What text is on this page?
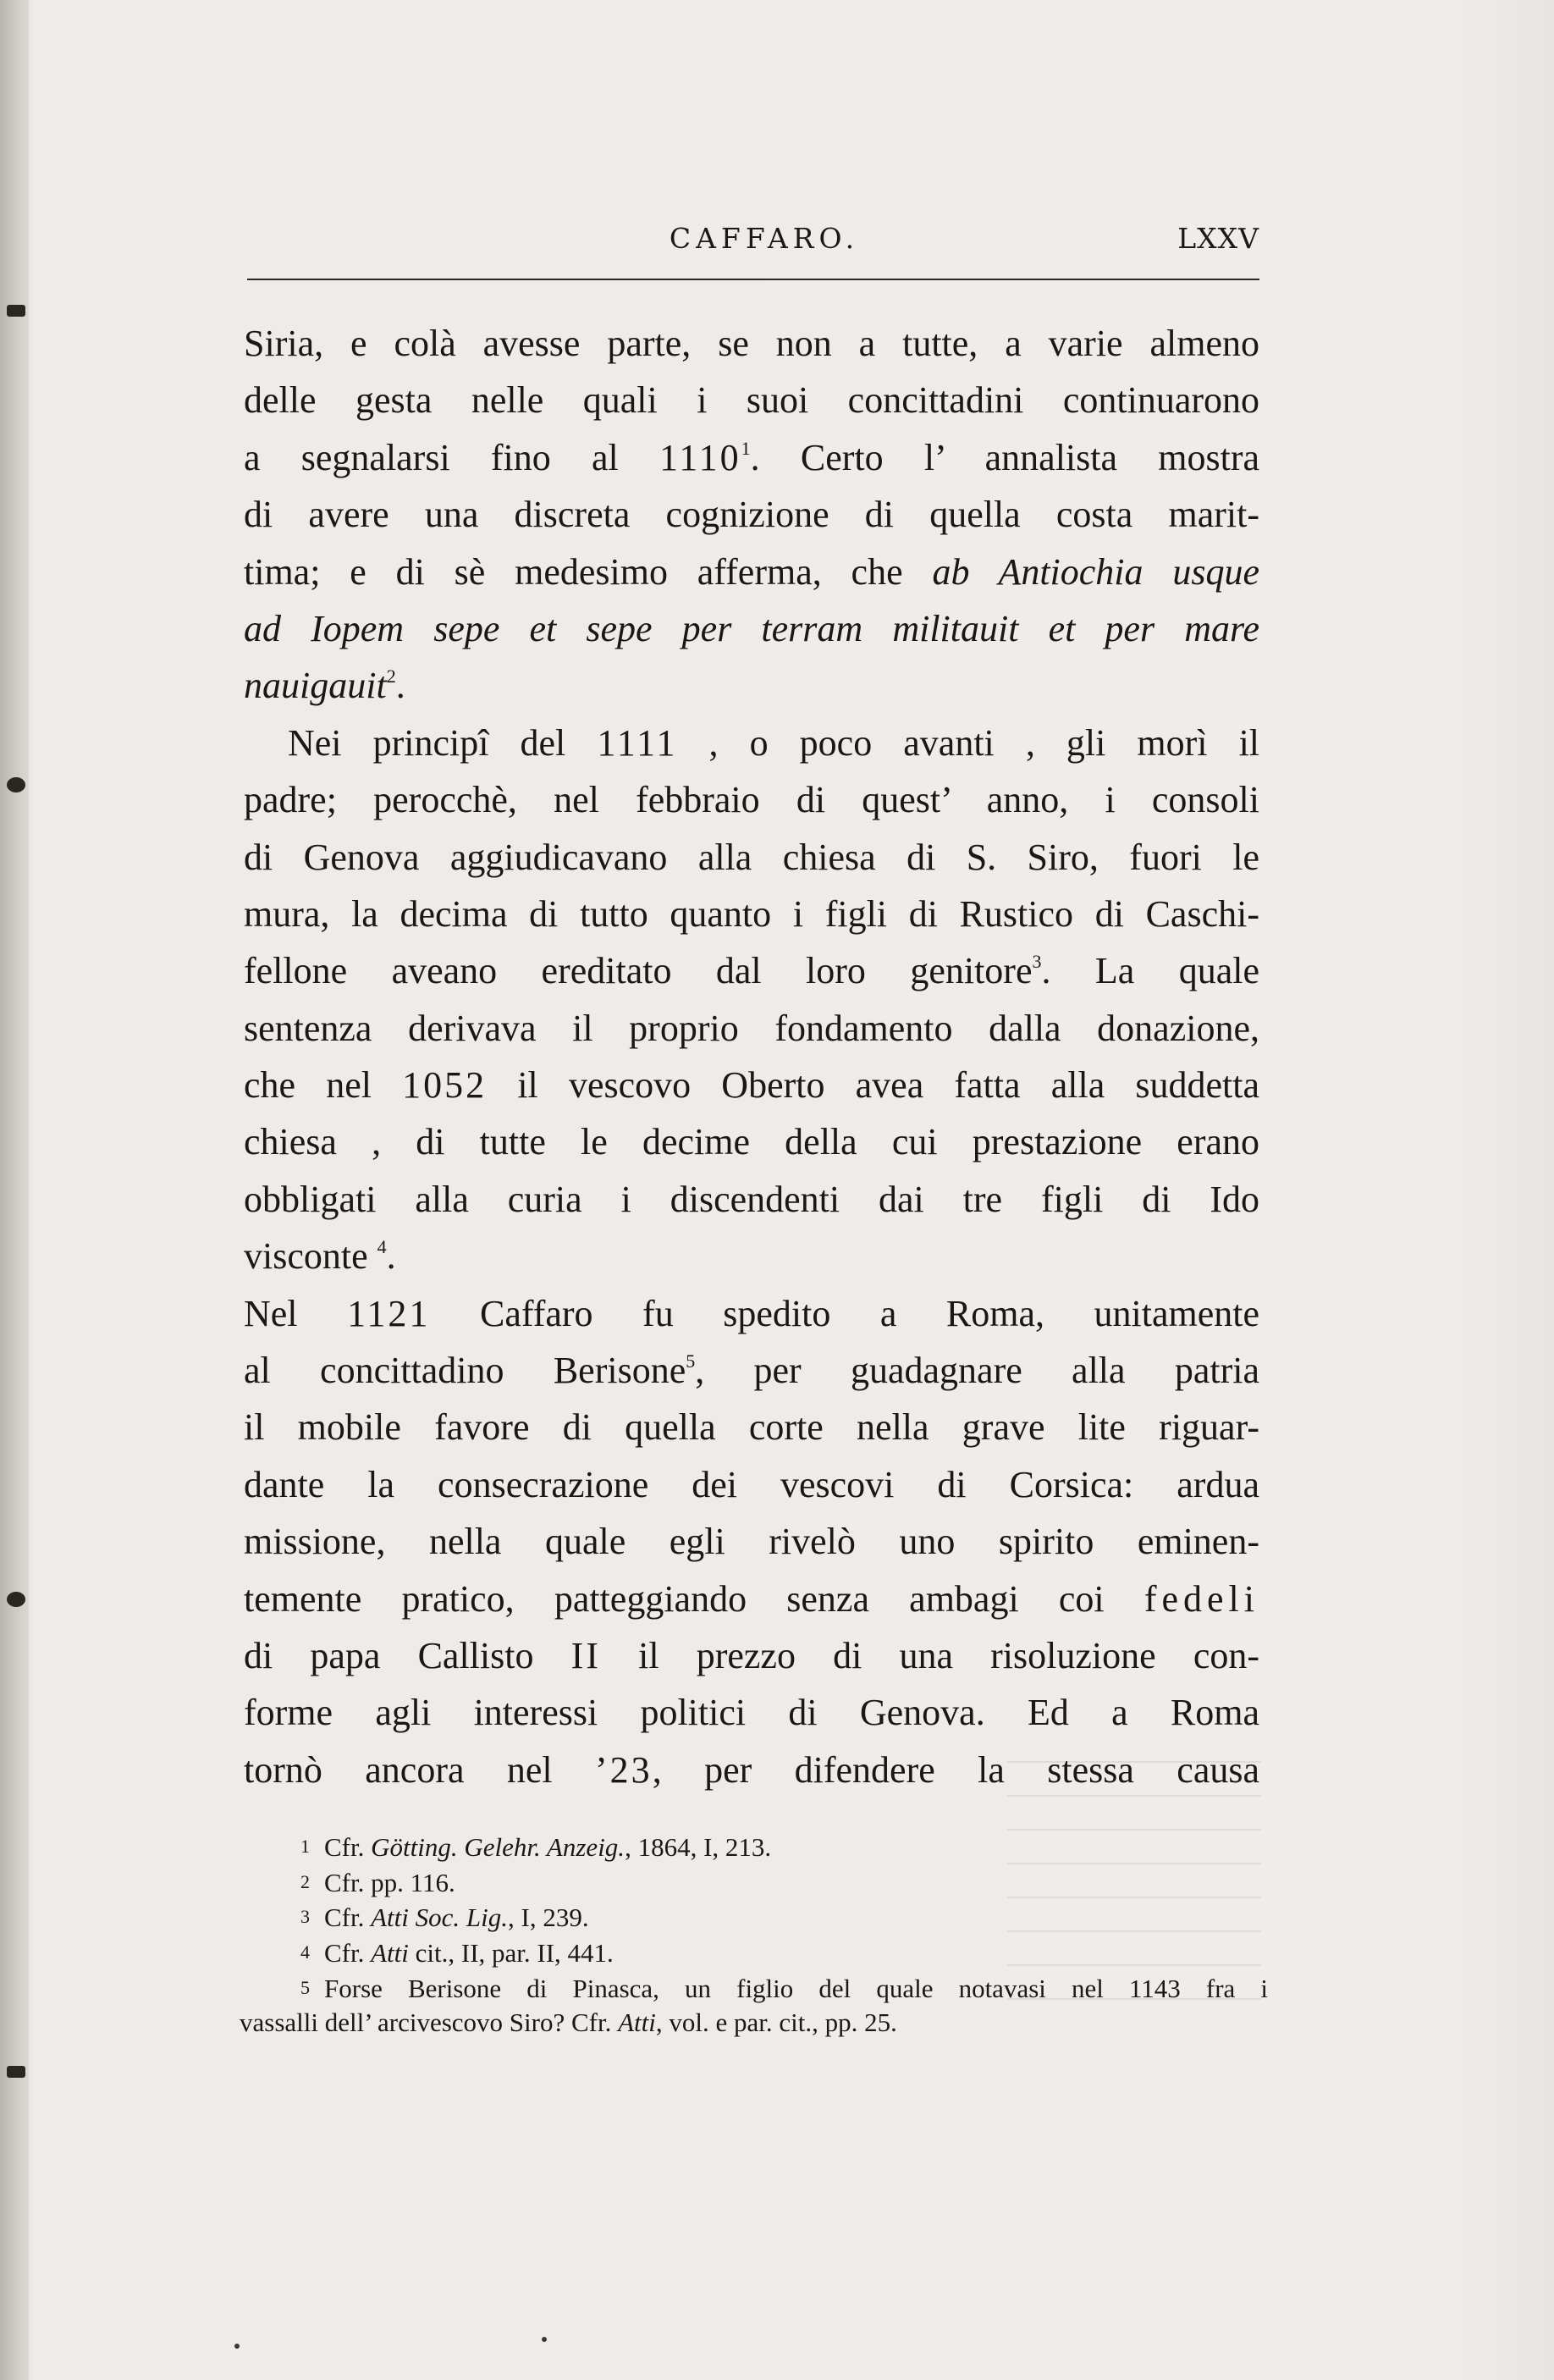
CAFFARO.	LXXV
Siria, e colà avesse parte, se non a tutte, a varie almeno
delle gesta nelle quali i suoi concittadini continuarono
a segnalarsi fino al 1110$^1$. Certo l’ annalista mostra
di avere una discreta cognizione di quella costa marit-
tima; e di sè medesimo afferma, che ab Antiochia usque
ad Iopem sepe et sepe per terram militauit et per mare
nauigauit$^2$.
Nei principî del 1111 , o poco avanti , gli morì il
padre; perocchè, nel febbraio di quest’ anno, i consoli
di Genova aggiudicavano alla chiesa di S. Siro, fuori le
mura, la decima di tutto quanto i figli di Rustico di Caschi-
fellone aveano ereditato dal loro genitore$^3$. La quale
sentenza derivava il proprio fondamento dalla donazione,
che nel 1052 il vescovo Oberto avea fatta alla suddetta
chiesa , di tutte le decime della cui prestazione erano
obbligati alla curia i discendenti dai tre figli di Ido
visconte $^4$.
Nel 1121 Caffaro fu spedito a Roma, unitamente
al concittadino Berisone$^5$, per guadagnare alla patria
il mobile favore di quella corte nella grave lite riguar-
dante la consecrazione dei vescovi di Corsica: ardua
missione, nella quale egli rivelò uno spirito eminen-
temente pratico, patteggiando senza ambagi coi fedeli
di papa Callisto II il prezzo di una risoluzione con-
forme agli interessi politici di Genova. Ed a Roma
tornò ancora nel ’23, per difendere la stessa causa
1 Cfr. Götting. Gelehr. Anzeig., 1864, I, 213.
2 Cfr. pp. 116.
3 Cfr. Atti Soc. Lig., I, 239.
4 Cfr. Atti cit., II, par. II, 441.
5 Forse Berisone di Pinasca, un figlio del quale notavasi nel 1143 fra i
vassalli dell’ arcivescovo Siro? Cfr. Atti, vol. e par. cit., pp. 25.
